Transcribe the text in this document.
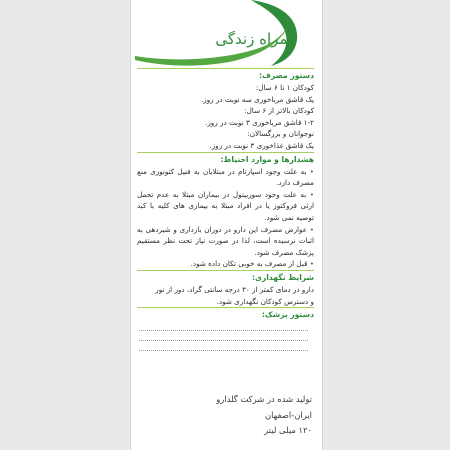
همراه زندگی
دستور مصرف:
کودکان ۱ تا ۶ سال:
یک قاشق مرباخوری سه نوبت در روز.
کودکان بالاتر از ۶ سال:
۱-۲ قاشق مرباخوری ۳ نوبت در روز.
نوجوانان و بزرگسالان:
یک قاشق غذاخوری ۳ نوبت در روز.
هشدارها و موارد احتیاط:
• به علت وجود اسپارتام در مبتلایان به فنیل کتونوری منع مصرف دارد.
• به علت وجود سوربیتول در بیماران مبتلا به عدم تحمل ارثی فروکتوز یا در افراد مبتلا به بیماری های کلیه با کبد توصیه نمی شود.
• عوارض مصرف این دارو در دوران بارداری و شیردهی به اثبات نرسیده است، لذا در صورت نیاز تحت نظر مستقیم پزشک مصرف شود.
• قبل از مصرف به خوبی تکان داده شود.
شرایط نگهداری:
دارو در دمای کمتر از ۳۰ درجه سانتی گراد، دور از نور
و دسترس کودکان نگهداری شود.
دستور پزشک:
تولید شده در شرکت گلدارو
ایران-اصفهان
۱۲۰ میلی لیتر
